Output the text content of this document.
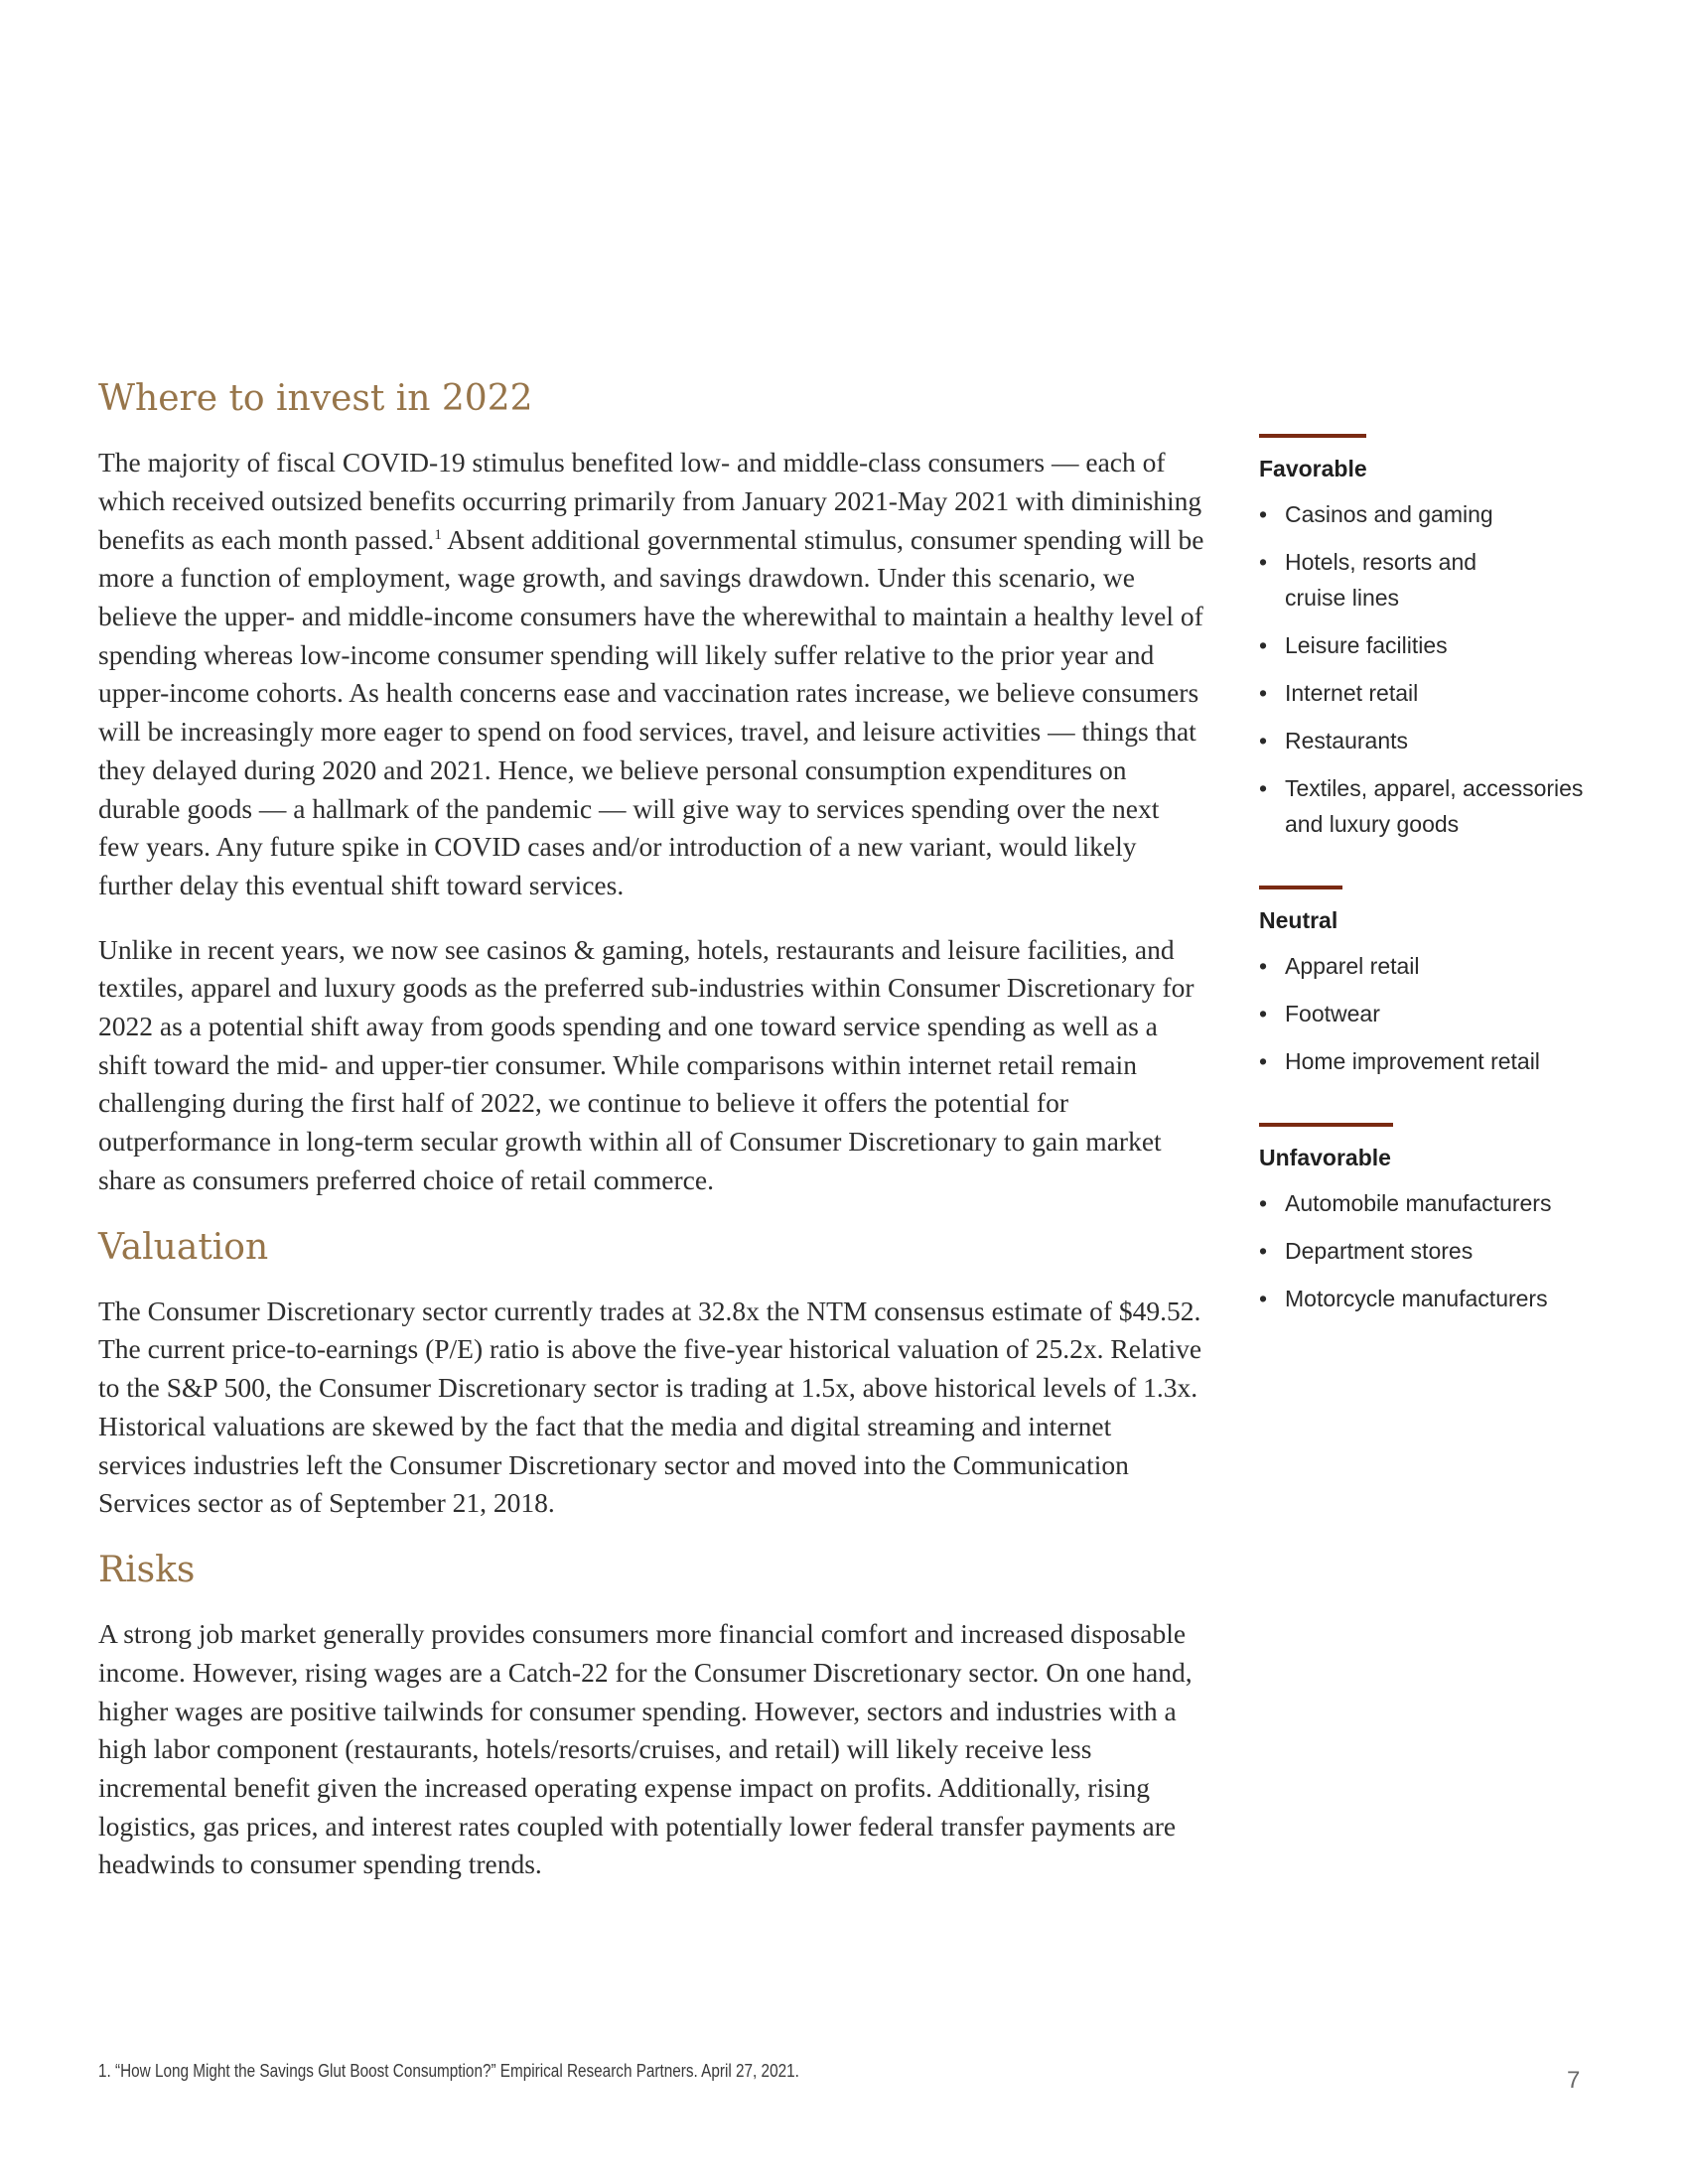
Where to invest in 2022

The majority of fiscal COVID-19 stimulus benefited low- and middle-class consumers — each of which received outsized benefits occurring primarily from January 2021-May 2021 with diminishing benefits as each month passed.$^1$ Absent additional governmental stimulus, consumer spending will be more a function of employment, wage growth, and savings drawdown. Under this scenario, we believe the upper- and middle-income consumers have the wherewithal to maintain a healthy level of spending whereas low-income consumer spending will likely suffer relative to the prior year and upper-income cohorts. As health concerns ease and vaccination rates increase, we believe consumers will be increasingly more eager to spend on food services, travel, and leisure activities — things that they delayed during 2020 and 2021. Hence, we believe personal consumption expenditures on durable goods — a hallmark of the pandemic — will give way to services spending over the next few years. Any future spike in COVID cases and/or introduction of a new variant, would likely further delay this eventual shift toward services.

Unlike in recent years, we now see casinos & gaming, hotels, restaurants and leisure facilities, and textiles, apparel and luxury goods as the preferred sub-industries within Consumer Discretionary for 2022 as a potential shift away from goods spending and one toward service spending as well as a shift toward the mid- and upper-tier consumer. While comparisons within internet retail remain challenging during the first half of 2022, we continue to believe it offers the potential for outperformance in long-term secular growth within all of Consumer Discretionary to gain market share as consumers preferred choice of retail commerce.

Valuation

The Consumer Discretionary sector currently trades at 32.8x the NTM consensus estimate of $49.52. The current price-to-earnings (P/E) ratio is above the five-year historical valuation of 25.2x. Relative to the S&P 500, the Consumer Discretionary sector is trading at 1.5x, above historical levels of 1.3x. Historical valuations are skewed by the fact that the media and digital streaming and internet services industries left the Consumer Discretionary sector and moved into the Communication Services sector as of September 21, 2018.

Risks

A strong job market generally provides consumers more financial comfort and increased disposable income. However, rising wages are a Catch-22 for the Consumer Discretionary sector. On one hand, higher wages are positive tailwinds for consumer spending. However, sectors and industries with a high labor component (restaurants, hotels/resorts/cruises, and retail) will likely receive less incremental benefit given the increased operating expense impact on profits. Additionally, rising logistics, gas prices, and interest rates coupled with potentially lower federal transfer payments are headwinds to consumer spending trends.

Favorable
• Casinos and gaming
• Hotels, resorts and cruise lines
• Leisure facilities
• Internet retail
• Restaurants
• Textiles, apparel, accessories and luxury goods
Neutral
• Apparel retail
• Footwear
• Home improvement retail
Unfavorable
• Automobile manufacturers
• Department stores
• Motorcycle manufacturers
1. “How Long Might the Savings Glut Boost Consumption?” Empirical Research Partners. April 27, 2021.	7
